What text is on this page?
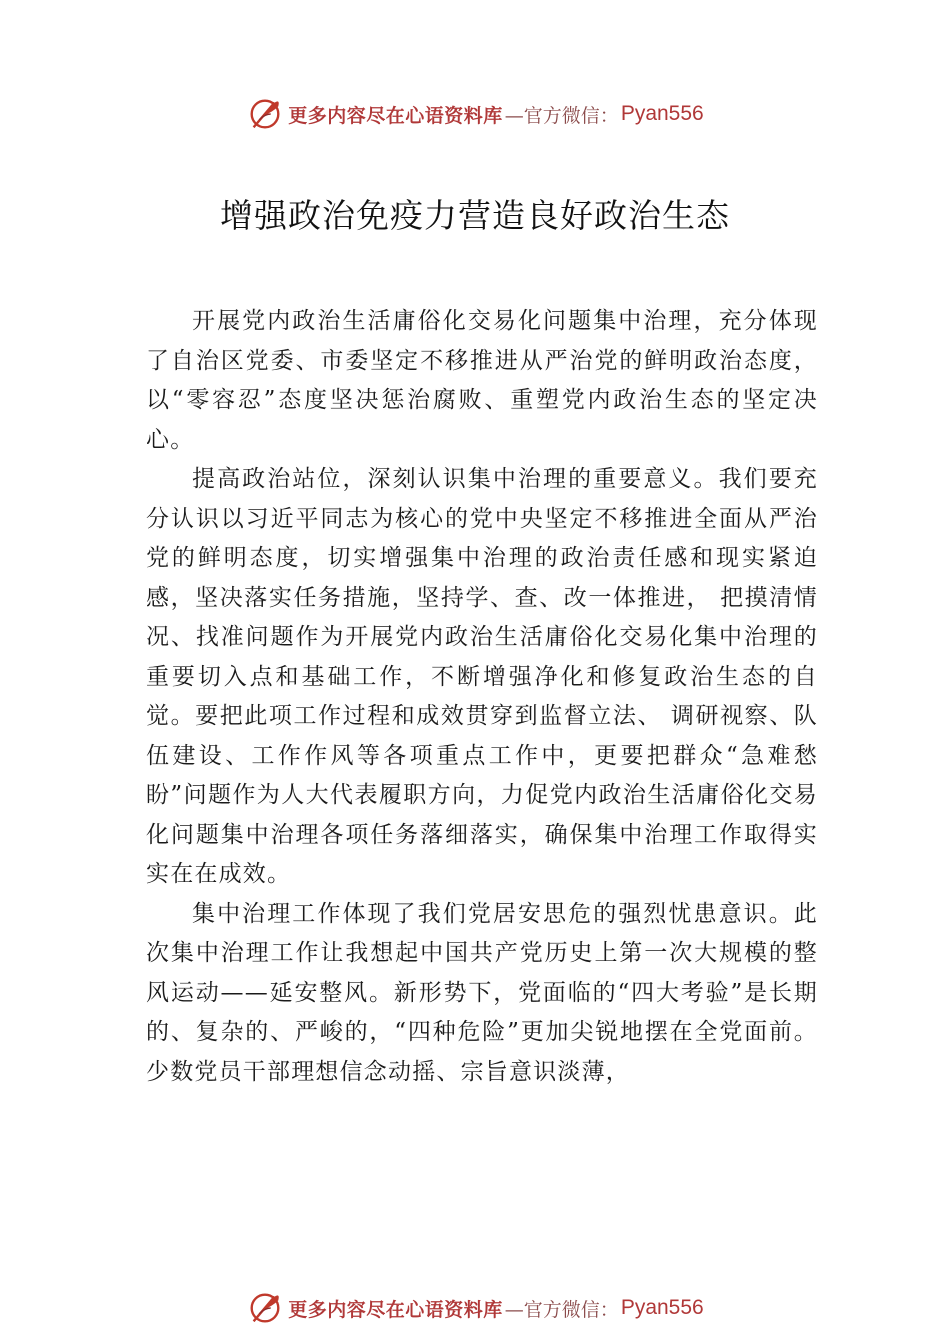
更多内容尽在心语资料库 —官方微信： Pyan556
增强政治免疫力营造良好政治生态

开展党内政治生活庸俗化交易化问题集中治理，充分体现了自治区党委、市委坚定不移推进从严治党的鲜明政治态度，以“零容忍”态度坚决惩治腐败、重塑党内政治生态的坚定决心。

提高政治站位，深刻认识集中治理的重要意义。我们要充分认识以习近平同志为核心的党中央坚定不移推进全面从严治党的鲜明态度，切实增强集中治理的政治责任感和现实紧迫感，坚决落实任务措施，坚持学、查、改一体推进， 把摸清情况、找准问题作为开展党内政治生活庸俗化交易化集中治理的重要切入点和基础工作，不断增强净化和修复政治生态的自觉。要把此项工作过程和成效贯穿到监督立法、 调研视察、队伍建设、工作作风等各项重点工作中，更要把群众“急难愁盼”问题作为人大代表履职方向，力促党内政治生活庸俗化交易化问题集中治理各项任务落细落实，确保集中治理工作取得实实在在成效。

集中治理工作体现了我们党居安思危的强烈忧患意识。此次集中治理工作让我想起中国共产党历史上第一次大规模的整风运动——延安整风。新形势下，党面临的“四大考验”是长期的、复杂的、严峻的，“四种危险”更加尖锐地摆在全党面前。少数党员干部理想信念动摇、宗旨意识淡薄，

更多内容尽在心语资料库 —官方微信： Pyan556
